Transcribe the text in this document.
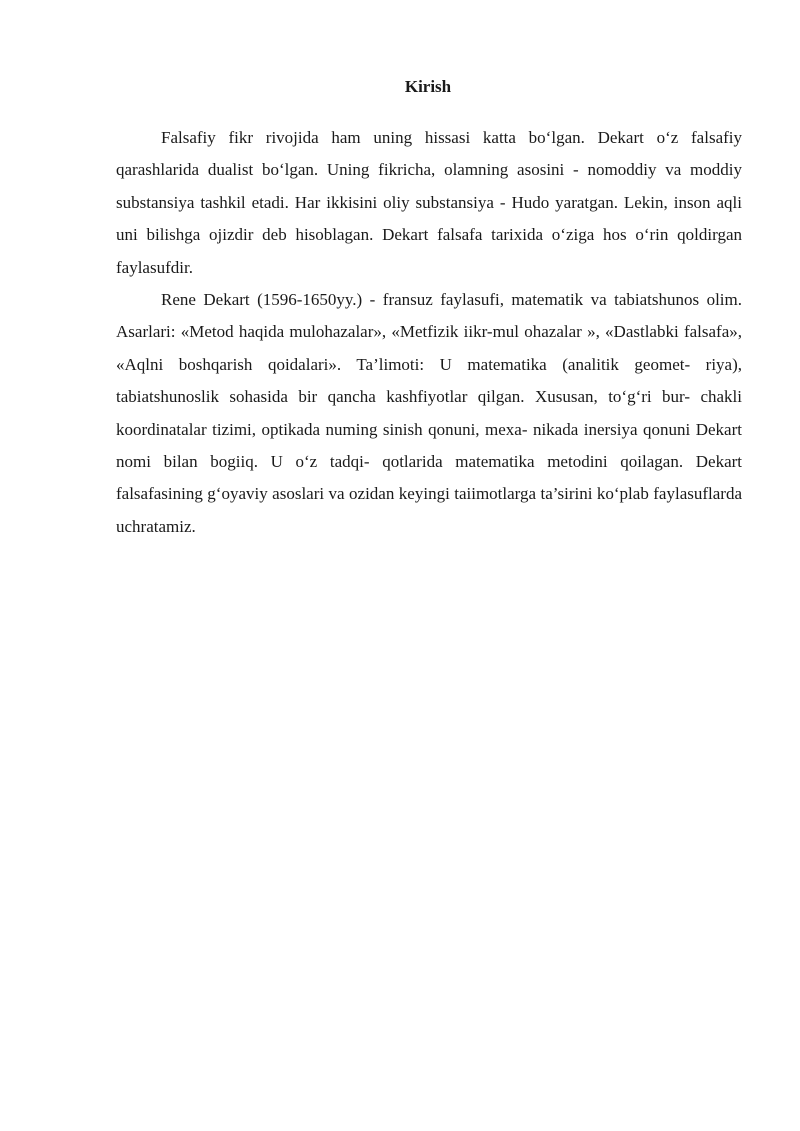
Kirish

Falsafiy fikr rivojida ham uning hissasi katta bo‘lgan. Dekart o‘z falsafiy qarashlarida dualist bo‘lgan. Uning fikricha, olamning asosini - nomoddiy va moddiy substansiya tashkil etadi. Har ikkisini oliy substansiya - Hudo yaratgan. Lekin, inson aqli uni bilishga ojizdir deb hisoblagan. Dekart falsafa tarixida o‘ziga hos o‘rin qoldirgan faylasufdir.

Rene Dekart (1596-1650yy.) - fransuz faylasufi, matematik va tabiatshunos olim. Asarlari: «Metod haqida mulohazalar», «Metfizik iikr-mul ohazalar », «Dastlabki falsafa», «Aqlni boshqarish qoidalari». Ta’limoti: U matematika (analitik geomet- riya), tabiatshunoslik sohasida bir qancha kashfiyotlar qilgan. Xususan, to‘g‘ri bur- chakli koordinatalar tizimi, optikada numing sinish qonuni, mexa- nikada inersiya qonuni Dekart nomi bilan bogiiq. U o‘z tadqi- qotlarida matematika metodini qoilagan. Dekart falsafasining g‘oyaviy asoslari va ozidan keyingi taiimotlarga ta’sirini ko‘plab faylasuflarda uchratamiz.
